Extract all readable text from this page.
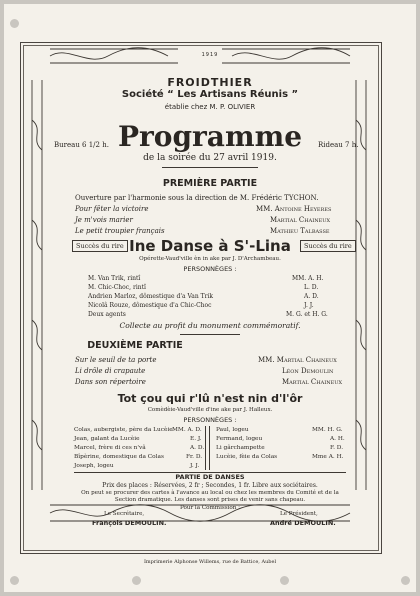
1919
FROIDTHIER
Société “ Les Artisans Réunis ”
établie chez M. P. OLIVIER
Bureau 6 1/2 h.	Rideau 7 h.
Programme
de la soirée du 27 avril 1919.
PREMIÈRE PARTIE
Ouverture par l'harmonie sous la direction de M. Frédéric TYCHON.
Pour fêter la victoire	MM. Antoine Heyeres
Je m'vois marier	Martial Chaineux
Le petit troupier français	Mathieu Talbasse
Succès du rire	Succès du rire
Ine Danse à S'-Lina
Opérette-Vaud'ville èn in ake par J. D'Archambeau.
PERSONNÈGES :
M. Van Trik, rintî	MM. A. H.
M. Chic-Choc, rintî	L. D.
Andrien Marloz, dômestique d'a Van Trik	A. D.
Nicolâ Rouze, dômestique d'a Chic-Choc	J. J.
Deux agents	M. G. et H. G.
Collecte au profit du monument commémoratif.
DEUXIÈME PARTIE
Sur le seuil de ta porte	MM. Martial Chaineux
Li drôle di crapaute	Léon Demoulin
Dans son répertoire	Martial Chaineux
Tot çou qui r'lû n'est nin d'l'ôr
Comèdèie-Vaud'ville d'ine ake par J. Halleux.
PERSONNÈGES :
Colas, aubergiste, père da Lucèie MM. A. D.
Jean, galant da Lucèie	E. J.
Marcel, frère di ces n'vâ	A. D.
Bîpèrine, domestique da Colas	Fr. D.
Joseph, logeu	J. J.
Paul, logeu	MM. H. G.
Fermand, logeu	A. H.
Li gârchampette	F. D.
Lucèie, fèie da Colas	Mme A. H.
PARTIE DE DANSES
Prix des places : Réservées, 2 fr ; Secondes, 1 fr. Libre aux sociétaires.
On peut se procurer des cartes à l'avance au local ou chez les membres du Comité et de la
Section dramatique. Les danses sont prises de venir sans chapeau.
Pour la Commission :
Le Secrétaire,
François DEMOULIN.
Le Président,
André DEMOULIN.
Imprimerie Alphonse Willems, rue de Battice, Aubel
